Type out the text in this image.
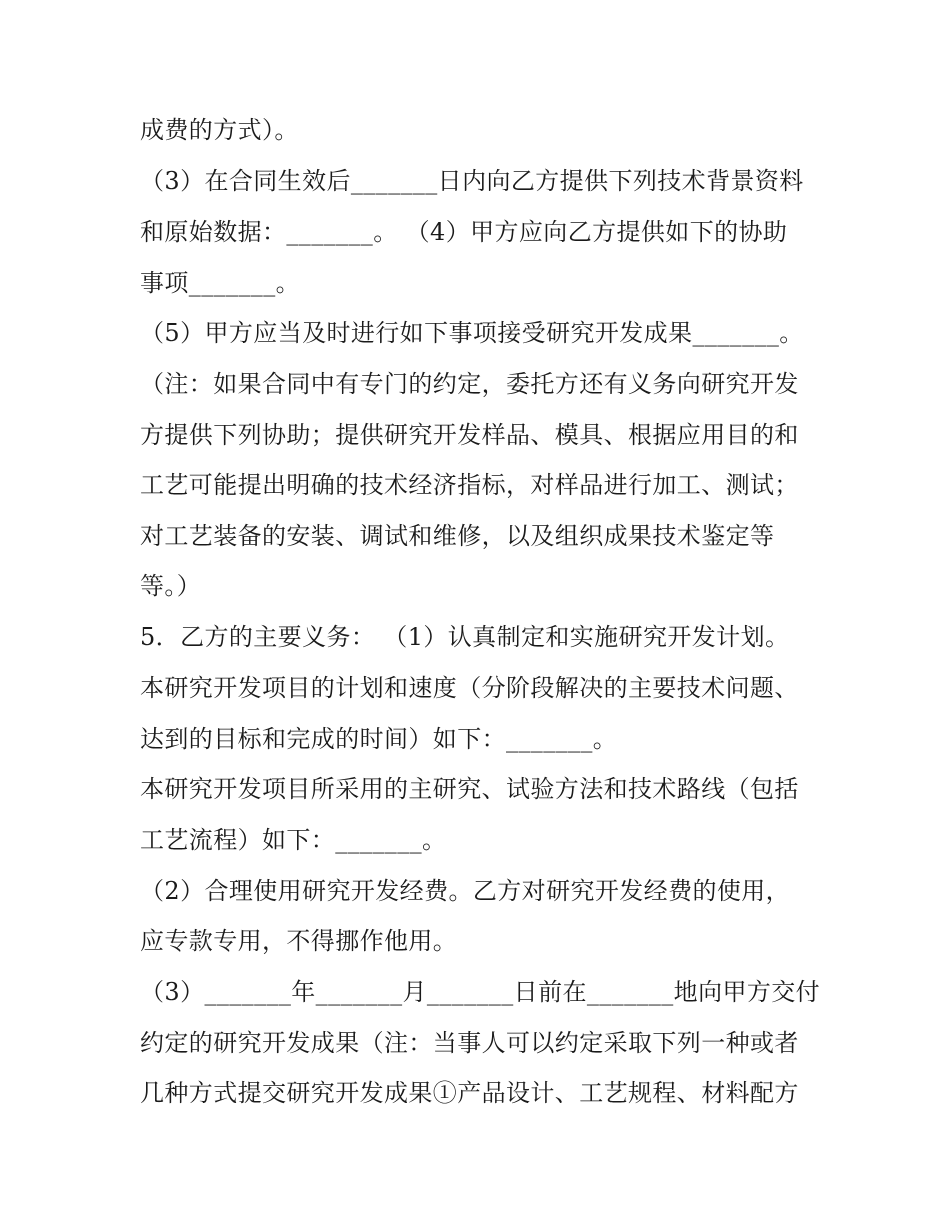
成费的方式）。
（3）在合同生效后_______日内向乙方提供下列技术背景资料
和原始数据：_______。 （4）甲方应向乙方提供如下的协助
事项_______。
（5）甲方应当及时进行如下事项接受研究开发成果_______。
（注：如果合同中有专门的约定，委托方还有义务向研究开发
方提供下列协助；提供研究开发样品、模具、根据应用目的和
工艺可能提出明确的技术经济指标，对样品进行加工、测试；
对工艺装备的安装、调试和维修，以及组织成果技术鉴定等
等。）
5．乙方的主要义务： （1）认真制定和实施研究开发计划。
本研究开发项目的计划和速度（分阶段解决的主要技术问题、
达到的目标和完成的时间）如下：_______。
本研究开发项目所采用的主研究、试验方法和技术路线（包括
工艺流程）如下：_______。
（2）合理使用研究开发经费。乙方对研究开发经费的使用，
应专款专用，不得挪作他用。
（3）_______年_______月_______日前在_______地向甲方交付
约定的研究开发成果（注：当事人可以约定采取下列一种或者
几种方式提交研究开发成果①产品设计、工艺规程、材料配方
